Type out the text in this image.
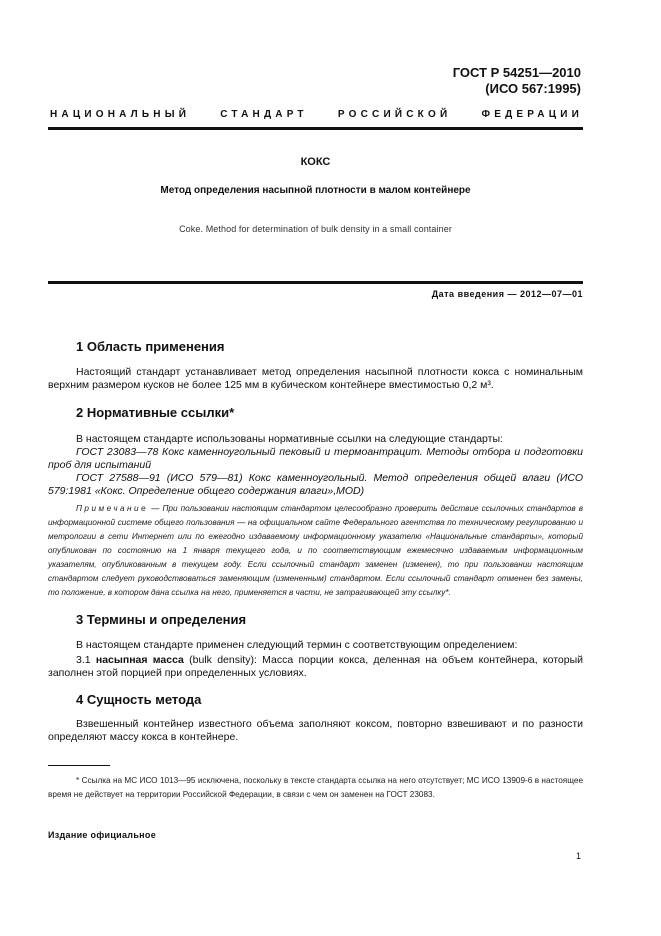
ГОСТ Р 54251—2010
(ИСО 567:1995)
НАЦИОНАЛЬНЫЙ	СТАНДАРТ	РОССИЙСКОЙ	ФЕДЕРАЦИИ
КОКС
Метод определения насыпной плотности в малом контейнере
Coke. Method for determination of bulk density in a small container
Дата введения — 2012—07—01
1 Область применения
Настоящий стандарт устанавливает метод определения насыпной плотности кокса с номинальным верхним размером кусков не более 125 мм в кубическом контейнере вместимостью 0,2 м³.
2 Нормативные ссылки*
В настоящем стандарте использованы нормативные ссылки на следующие стандарты:
ГОСТ 23083—78 Кокс каменноугольный пековый и термоантрацит. Методы отбора и подготовки проб для испытаний
ГОСТ 27588—91 (ИСО 579—81) Кокс каменноугольный. Метод определения общей влаги (ИСО 579:1981 «Кокс. Определение общего содержания влаги»,MOD)
Примечание — При пользовании настоящим стандартом целесообразно проверить действие ссылочных стандартов в информационной системе общего пользования — на официальном сайте Федерального агентства по техническому регулированию и метрологии в сети Интернет или по ежегодно издаваемому информационному указателю «Национальные стандарты», который опубликован по состоянию на 1 января текущего года, и по соответствующим ежемесячно издаваемым информационным указателям, опубликованным в текущем году. Если ссылочный стандарт заменен (изменен), то при пользовании настоящим стандартом следует руководствоваться заменяющим (измененным) стандартом. Если ссылочный стандарт отменен без замены, то положение, в котором дана ссылка на него, применяется в части, не затрагивающей эту ссылку*.
3 Термины и определения
В настоящем стандарте применен следующий термин с соответствующим определением:
3.1 насыпная масса (bulk density): Масса порции кокса, деленная на объем контейнера, который заполнен этой порцией при определенных условиях.
4 Сущность метода
Взвешенный контейнер известного объема заполняют коксом, повторно взвешивают и по разности определяют массу кокса в контейнере.
* Ссылка на МС ИСО 1013—95 исключена, поскольку в тексте стандарта ссылка на него отсутствует; МС ИСО 13909-6 в настоящее время не действует на территории Российской Федерации, в связи с чем он заменен на ГОСТ 23083.
Издание официальное
1
